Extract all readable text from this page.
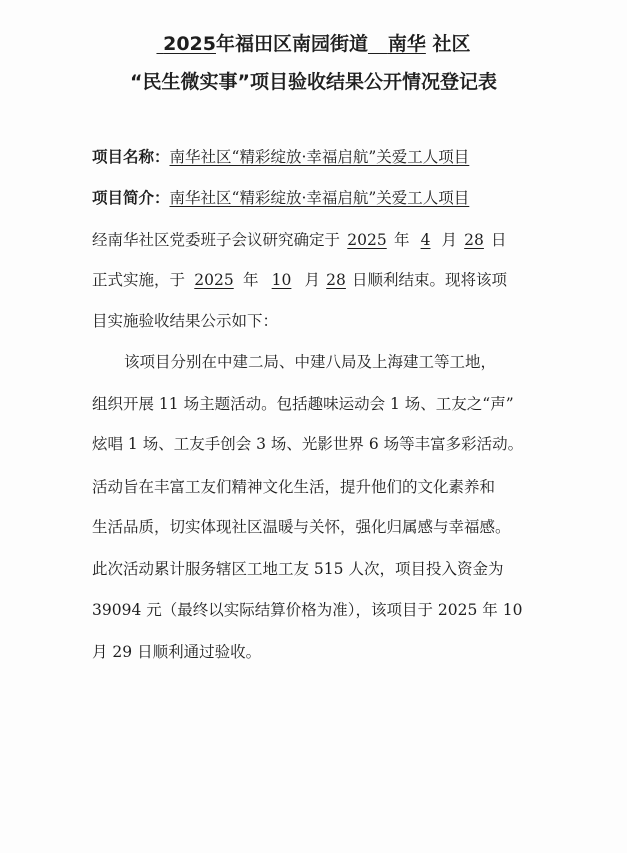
2025年福田区南园街道 南华 社区
“民生微实事”项目验收结果公开情况登记表
项目名称：南华社区“精彩绽放·幸福启航”关爱工人项目
项目简介：南华社区“精彩绽放·幸福启航”关爱工人项目
经南华社区党委班子会议研究确定于 2025 年 4 月 28 日
正式实施，于 2025 年 10 月 28 日顺利结束。现将该项
目实施验收结果公示如下：
该项目分别在中建二局、中建八局及上海建工等工地，
组织开展 11 场主题活动。包括趣味运动会 1 场、工友之“声”
炫唱 1 场、工友手创会 3 场、光影世界 6 场等丰富多彩活动。
活动旨在丰富工友们精神文化生活，提升他们的文化素养和
生活品质，切实体现社区温暖与关怀，强化归属感与幸福感。
此次活动累计服务辖区工地工友 515 人次，项目投入资金为
39094 元（最终以实际结算价格为准），该项目于 2025 年 10
月 29 日顺利通过验收。
